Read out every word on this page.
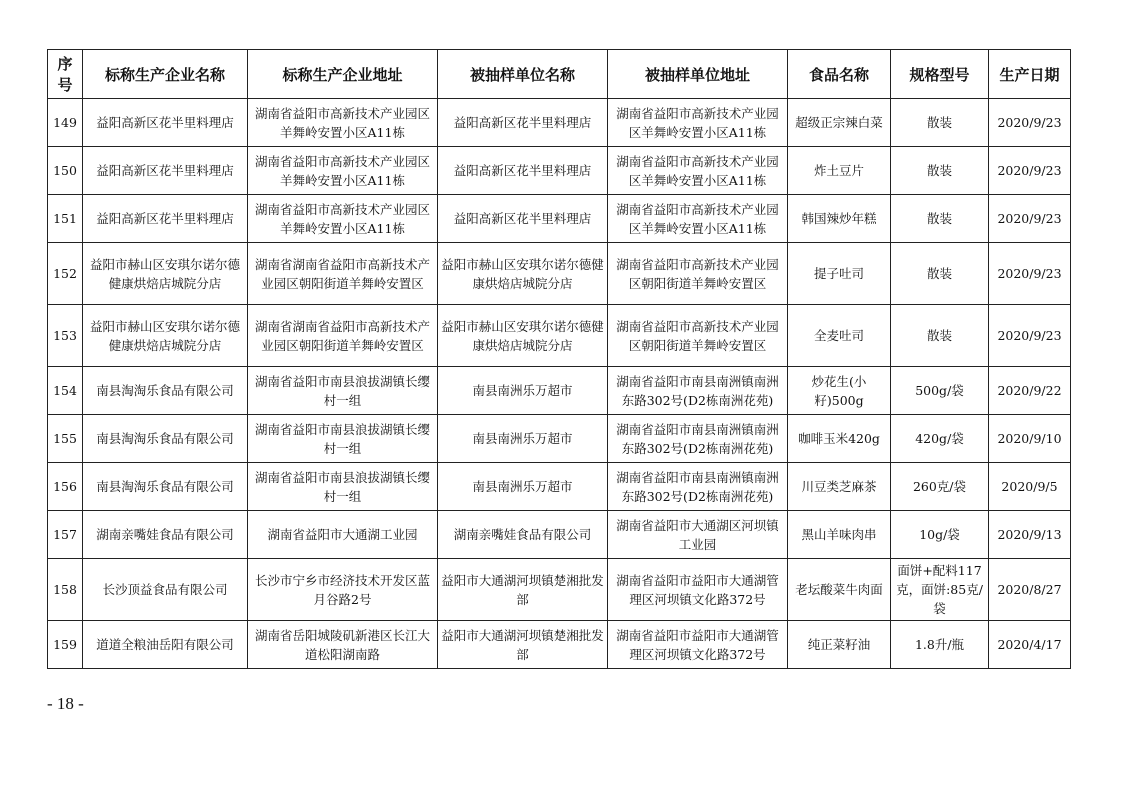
序号	标称生产企业名称	标称生产企业地址	被抽样单位名称	被抽样单位地址	食品名称	规格型号	生产日期
149	益阳高新区花半里料理店	湖南省益阳市高新技术产业园区羊舞岭安置小区A11栋	益阳高新区花半里料理店	湖南省益阳市高新技术产业园区羊舞岭安置小区A11栋	超级正宗辣白菜	散装	2020/9/23
150	益阳高新区花半里料理店	湖南省益阳市高新技术产业园区羊舞岭安置小区A11栋	益阳高新区花半里料理店	湖南省益阳市高新技术产业园区羊舞岭安置小区A11栋	炸土豆片	散装	2020/9/23
151	益阳高新区花半里料理店	湖南省益阳市高新技术产业园区羊舞岭安置小区A11栋	益阳高新区花半里料理店	湖南省益阳市高新技术产业园区羊舞岭安置小区A11栋	韩国辣炒年糕	散装	2020/9/23
152	益阳市赫山区安琪尔诺尔德健康烘焙店城院分店	湖南省湖南省益阳市高新技术产业园区朝阳街道羊舞岭安置区	益阳市赫山区安琪尔诺尔德健康烘焙店城院分店	湖南省益阳市高新技术产业园区朝阳街道羊舞岭安置区	提子吐司	散装	2020/9/23
153	益阳市赫山区安琪尔诺尔德健康烘焙店城院分店	湖南省湖南省益阳市高新技术产业园区朝阳街道羊舞岭安置区	益阳市赫山区安琪尔诺尔德健康烘焙店城院分店	湖南省益阳市高新技术产业园区朝阳街道羊舞岭安置区	全麦吐司	散装	2020/9/23
154	南县淘淘乐食品有限公司	湖南省益阳市南县浪拔湖镇长缨村一组	南县南洲乐万超市	湖南省益阳市南县南洲镇南洲东路302号(D2栋南洲花苑)	炒花生(小籽)500g	500g/袋	2020/9/22
155	南县淘淘乐食品有限公司	湖南省益阳市南县浪拔湖镇长缨村一组	南县南洲乐万超市	湖南省益阳市南县南洲镇南洲东路302号(D2栋南洲花苑)	咖啡玉米420g	420g/袋	2020/9/10
156	南县淘淘乐食品有限公司	湖南省益阳市南县浪拔湖镇长缨村一组	南县南洲乐万超市	湖南省益阳市南县南洲镇南洲东路302号(D2栋南洲花苑)	川豆类芝麻茶	260克/袋	2020/9/5
157	湖南亲嘴娃食品有限公司	湖南省益阳市大通湖工业园	湖南亲嘴娃食品有限公司	湖南省益阳市大通湖区河坝镇工业园	黑山羊味肉串	10g/袋	2020/9/13
158	长沙顶益食品有限公司	长沙市宁乡市经济技术开发区蓝月谷路2号	益阳市大通湖河坝镇楚湘批发部	湖南省益阳市益阳市大通湖管理区河坝镇文化路372号	老坛酸菜牛肉面	面饼+配料117克，面饼:85克/袋	2020/8/27
159	道道全粮油岳阳有限公司	湖南省岳阳城陵矶新港区长江大道松阳湖南路	益阳市大通湖河坝镇楚湘批发部	湖南省益阳市益阳市大通湖管理区河坝镇文化路372号	纯正菜籽油	1.8升/瓶	2020/4/17
- 18 -
